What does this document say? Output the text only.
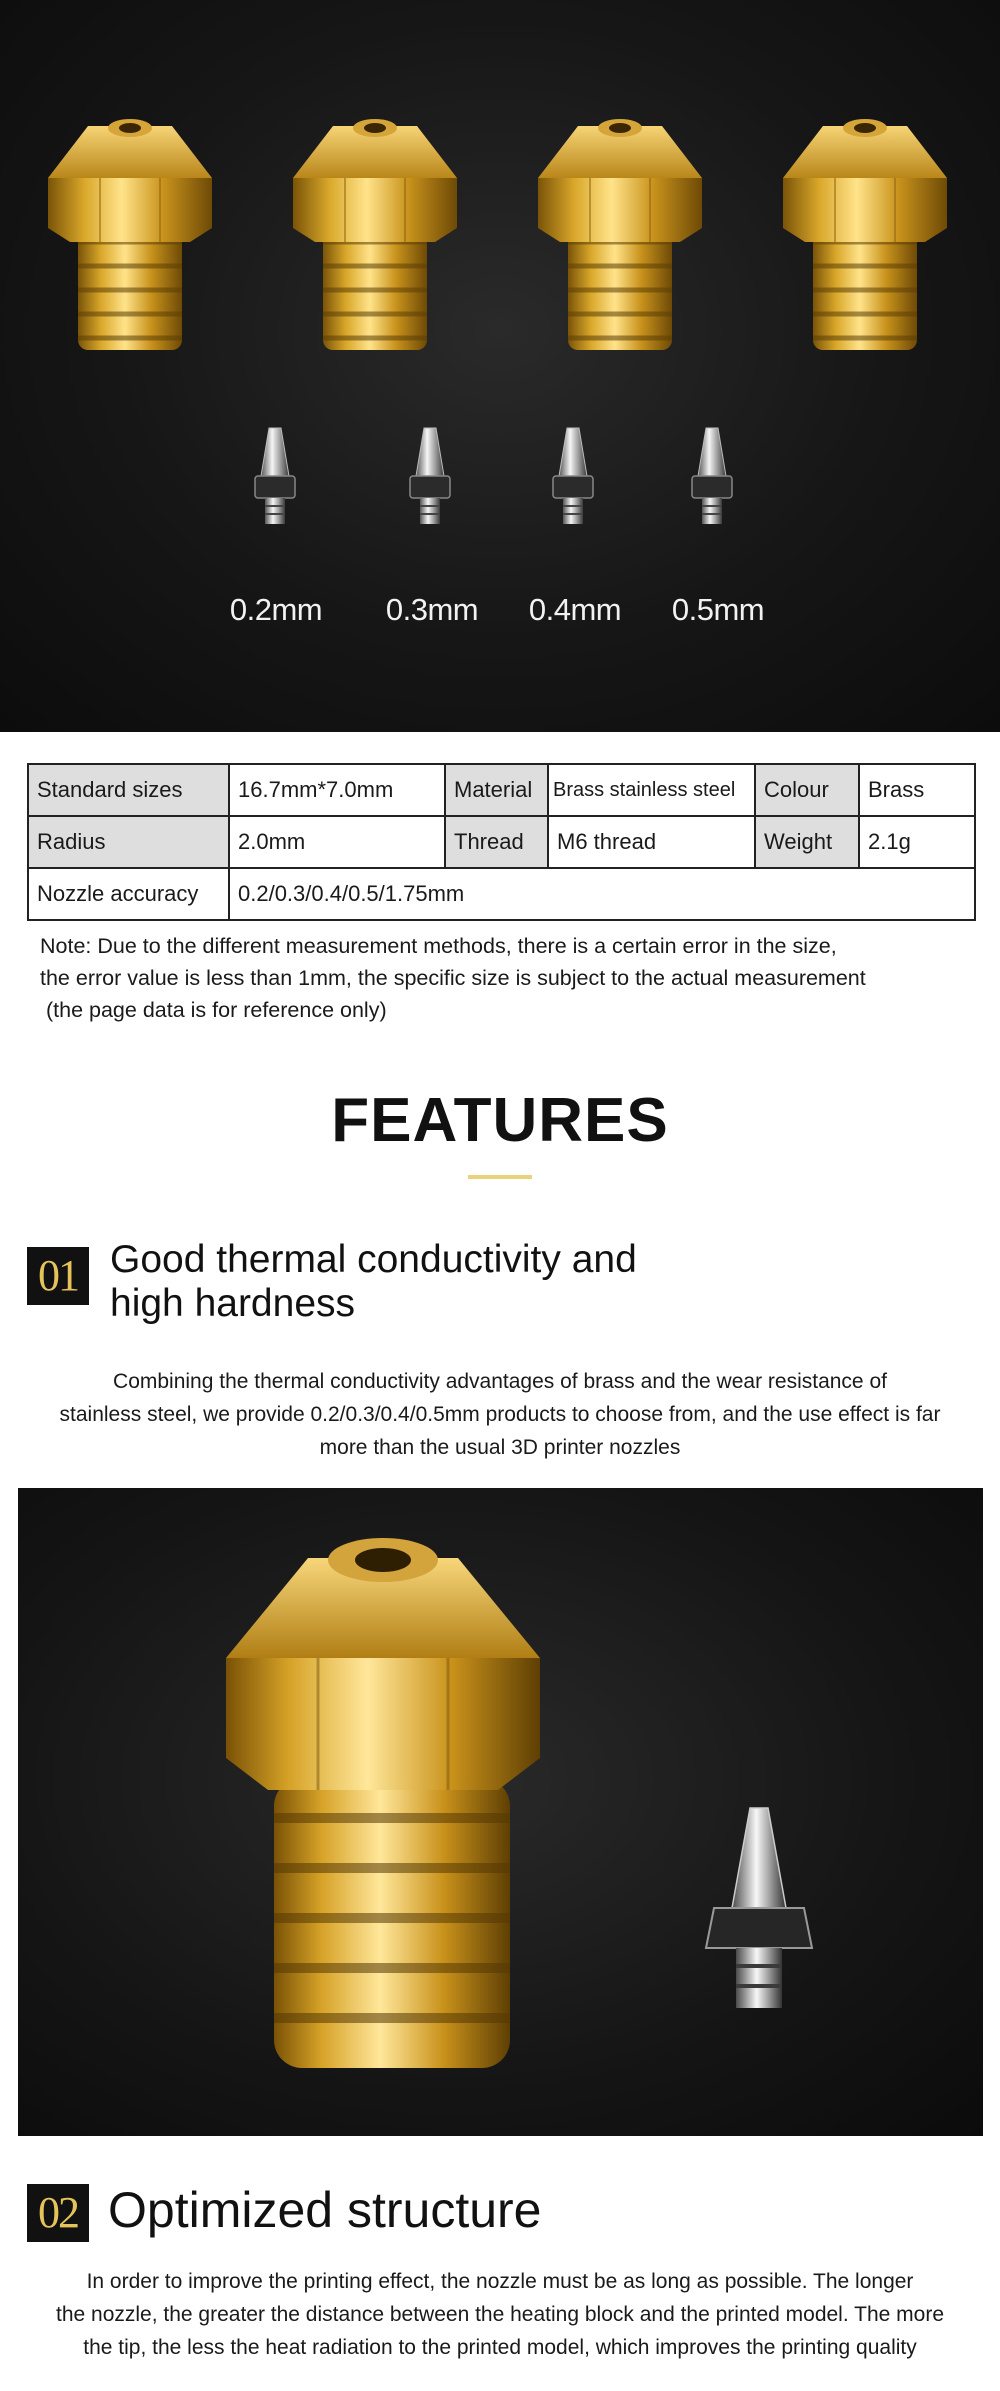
0.2mm	0.3mm	0.4mm	0.5mm
Standard sizes	16.7mm*7.0mm	Material	Brass stainless steel	Colour	Brass
Radius	2.0mm	Thread	M6 thread	Weight	2.1g
Nozzle accuracy	0.2/0.3/0.4/0.5/1.75mm				
Note: Due to the different measurement methods, there is a certain error in the size,
the error value is less than 1mm, the specific size is subject to the actual measurement
(the page data is for reference only)
FEATURES
01 Good thermal conductivity and
high hardness
Combining the thermal conductivity advantages of brass and the wear resistance of
stainless steel, we provide 0.2/0.3/0.4/0.5mm products to choose from, and the use effect is far
more than the usual 3D printer nozzles
02 Optimized structure
In order to improve the printing effect, the nozzle must be as long as possible. The longer
the nozzle, the greater the distance between the heating block and the printed model. The more
the tip, the less the heat radiation to the printed model, which improves the printing quality
